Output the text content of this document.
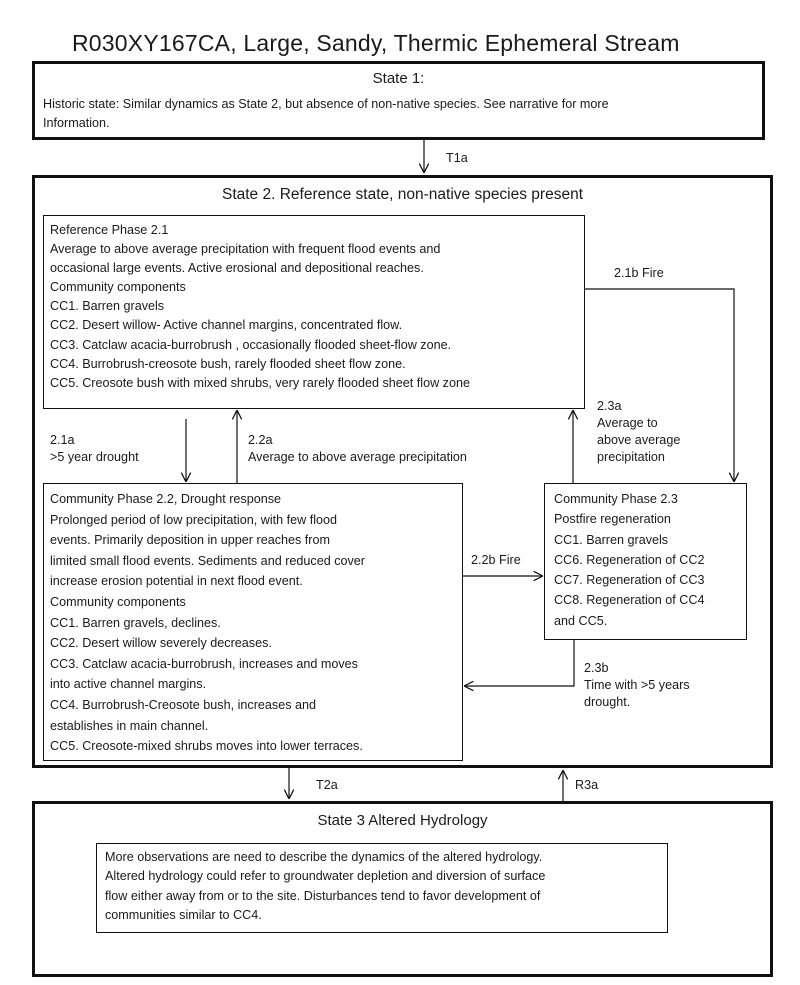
R030XY167CA, Large, Sandy, Thermic Ephemeral Stream
State 1:
Historic state: Similar dynamics as State 2, but absence of non-native species. See narrative for more
Information.
T1a
State 2. Reference state, non-native species present
Reference Phase 2.1
Average to above average precipitation with frequent flood events and
occasional large events. Active erosional and depositional reaches.
Community components
CC1. Barren gravels
CC2. Desert willow- Active channel margins, concentrated flow.
CC3. Catclaw acacia-burrobrush , occasionally flooded sheet-flow zone.
CC4. Burrobrush-creosote bush, rarely flooded sheet flow zone.
CC5. Creosote bush with mixed shrubs, very rarely flooded sheet flow zone
Community Phase 2.2, Drought response
Prolonged period of low precipitation, with few flood
events. Primarily deposition in upper reaches from
limited small flood events. Sediments and reduced cover
increase erosion potential in next flood event.
Community components
CC1. Barren gravels, declines.
CC2. Desert willow severely decreases.
CC3. Catclaw acacia-burrobrush, increases and moves
into active channel margins.
CC4. Burrobrush-Creosote bush, increases and
establishes in main channel.
CC5. Creosote-mixed shrubs moves into lower terraces.
Community Phase 2.3
Postfire regeneration
CC1. Barren gravels
CC6. Regeneration of CC2
CC7. Regeneration of CC3
CC8. Regeneration of CC4
and CC5.
2.1a
>5 year drought
2.2a
Average to above average precipitation
2.1b Fire
2.3a
Average to
above average
precipitation
2.2b Fire
2.3b
Time with >5 years
drought.
T2a	R3a
State 3 Altered Hydrology
More observations are need to describe the dynamics of the altered hydrology.
Altered hydrology could refer to groundwater depletion and diversion of surface
flow either away from or to the site. Disturbances tend to favor development of
communities similar to CC4.
